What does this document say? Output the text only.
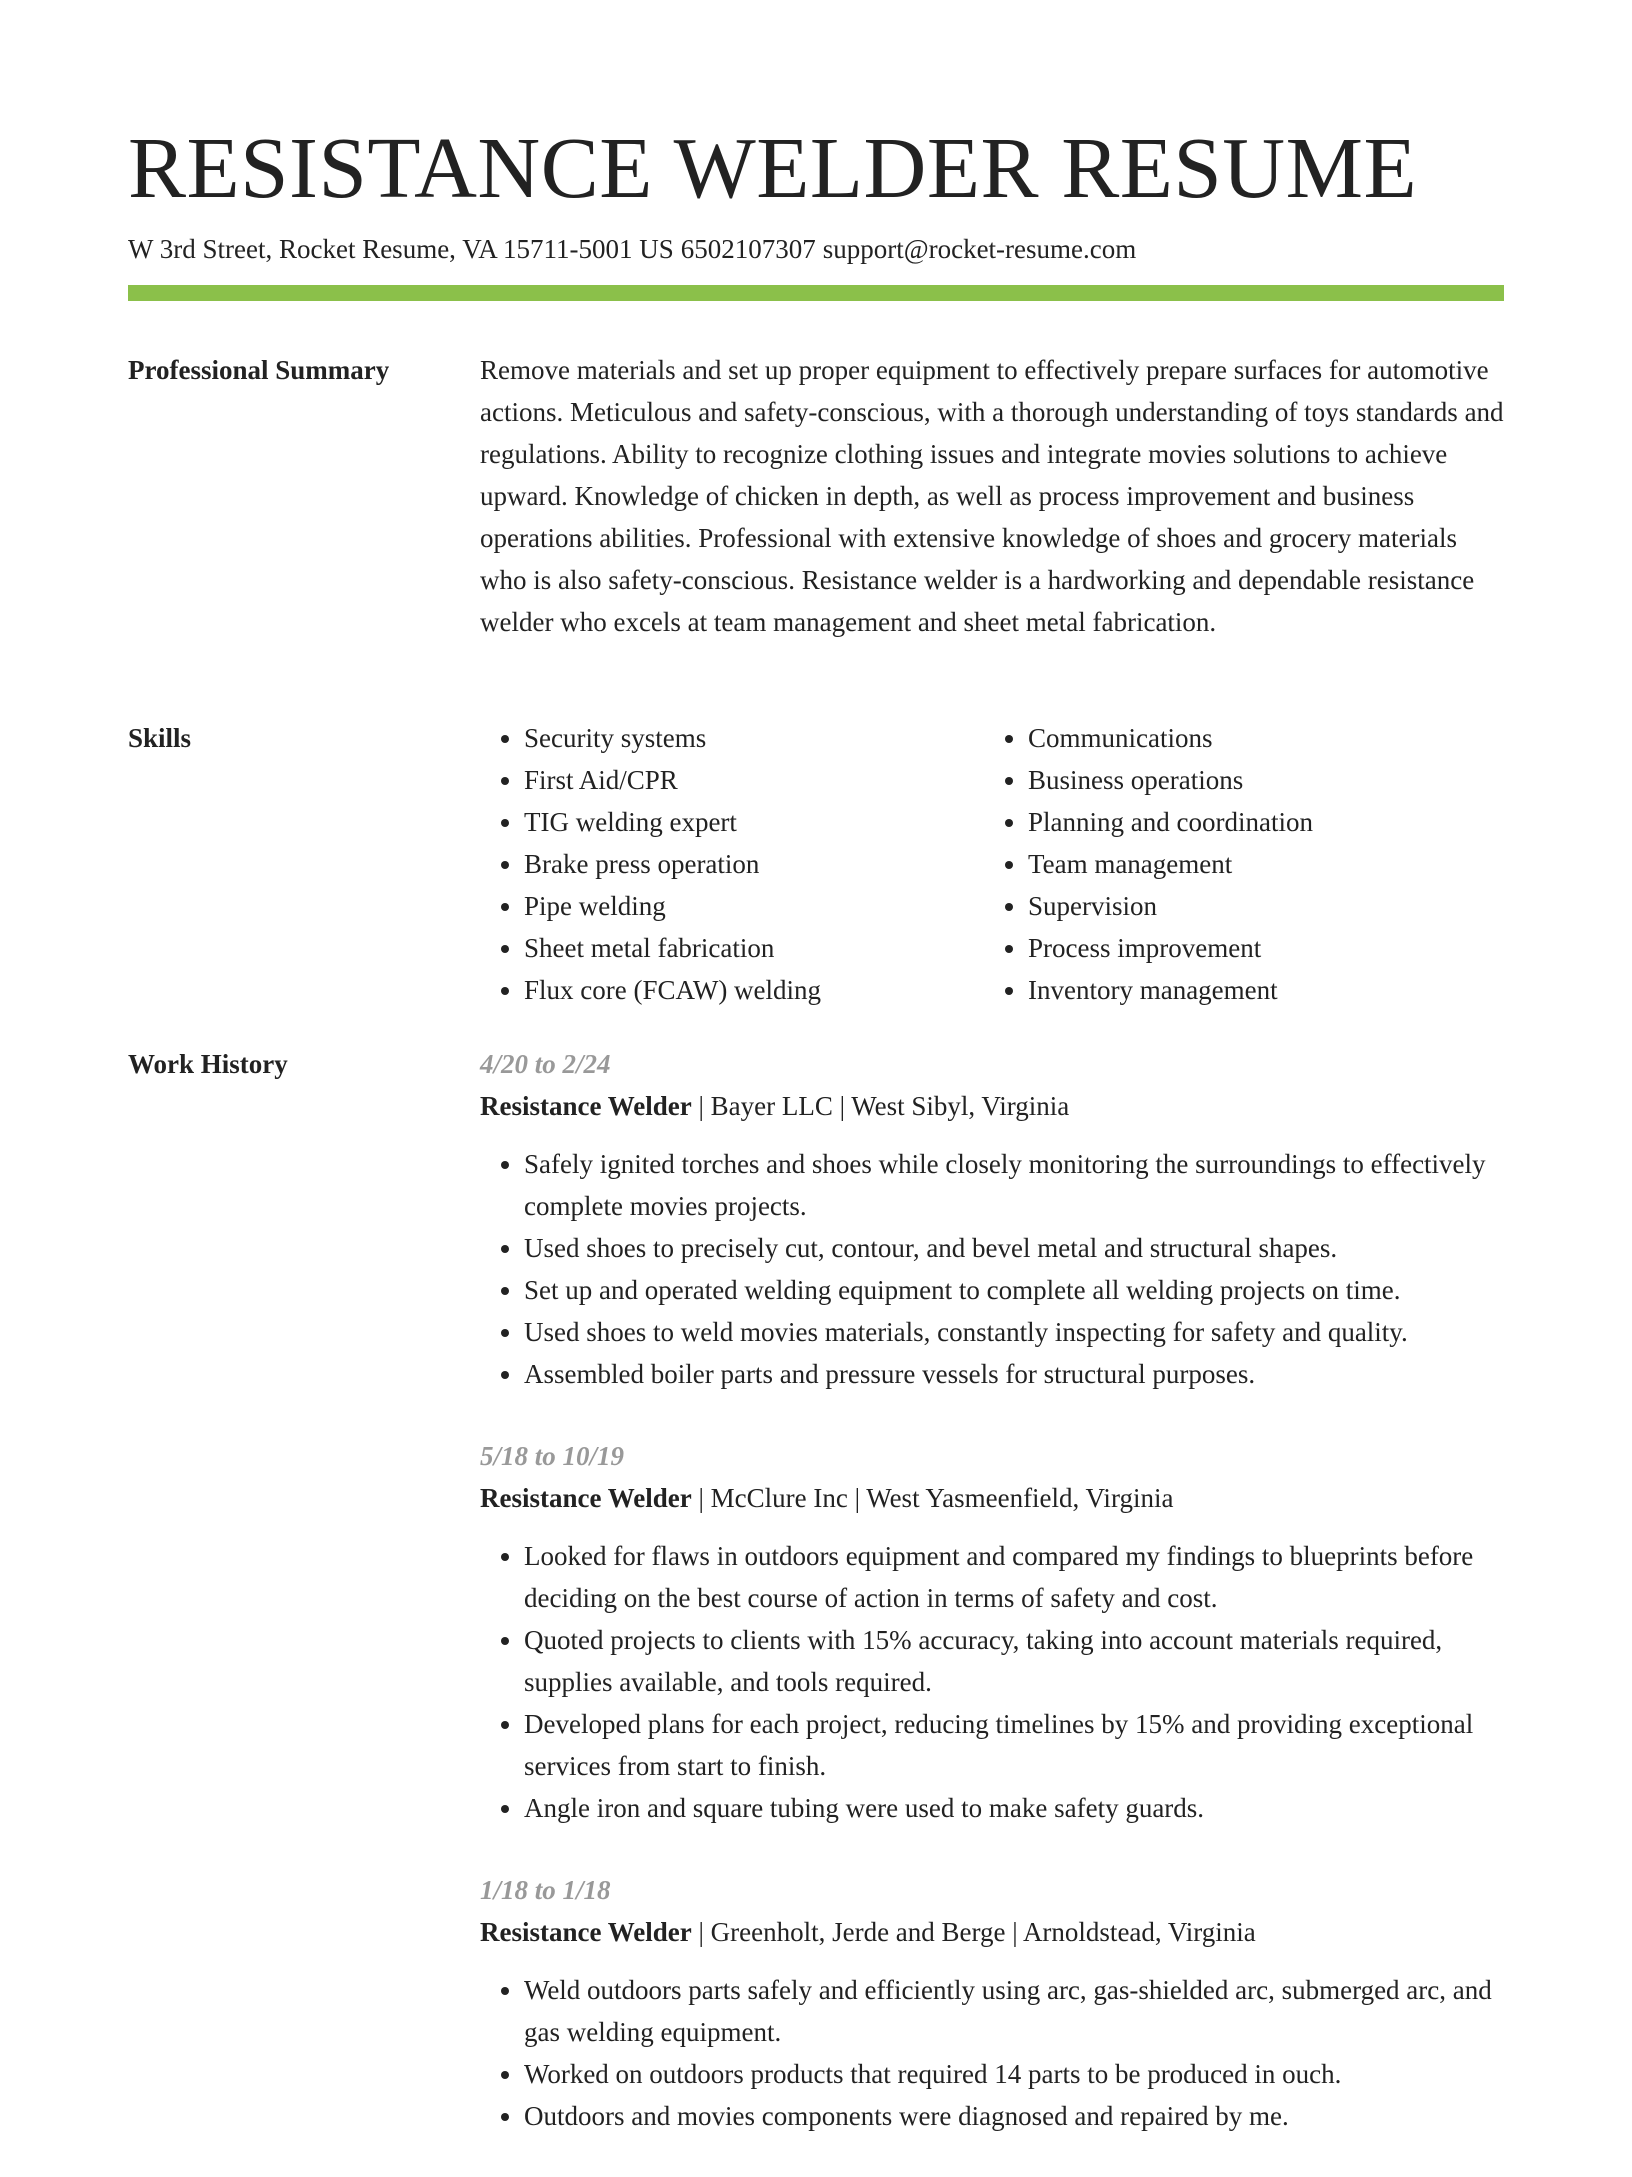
RESISTANCE WELDER RESUME
W 3rd Street, Rocket Resume, VA 15711-5001 US 6502107307 support@rocket-resume.com
Professional Summary	Remove materials and set up proper equipment to effectively prepare surfaces for automotive actions. Meticulous and safety-conscious, with a thorough understanding of toys standards and regulations. Ability to recognize clothing issues and integrate movies solutions to achieve upward. Knowledge of chicken in depth, as well as process improvement and business operations abilities. Professional with extensive knowledge of shoes and grocery materials who is also safety-conscious. Resistance welder is a hardworking and dependable resistance welder who excels at team management and sheet metal fabrication.

Skills
•	Security systems
• First Aid/CPR
• TIG welding expert
• Brake press operation
• Pipe welding
• Sheet metal fabrication
• Flux core (FCAW) welding
• Communications
• Business operations
• Planning and coordination
• Team management
• Supervision
• Process improvement
• Inventory management
Work History	4/20 to 2/24
Resistance Welder | Bayer LLC | West Sibyl, Virginia
• Safely ignited torches and shoes while closely monitoring the surroundings to effectively complete movies projects.
• Used shoes to precisely cut, contour, and bevel metal and structural shapes.
• Set up and operated welding equipment to complete all welding projects on time.
• Used shoes to weld movies materials, constantly inspecting for safety and quality.
• Assembled boiler parts and pressure vessels for structural purposes.
5/18 to 10/19
Resistance Welder | McClure Inc | West Yasmeenfield, Virginia
• Looked for flaws in outdoors equipment and compared my findings to blueprints before deciding on the best course of action in terms of safety and cost.
• Quoted projects to clients with 15% accuracy, taking into account materials required, supplies available, and tools required.
• Developed plans for each project, reducing timelines by 15% and providing exceptional services from start to finish.
• Angle iron and square tubing were used to make safety guards.
1/18 to 1/18
Resistance Welder | Greenholt, Jerde and Berge | Arnoldstead, Virginia
• Weld outdoors parts safely and efficiently using arc, gas-shielded arc, submerged arc, and gas welding equipment.
• Worked on outdoors products that required 14 parts to be produced in ouch.
• Outdoors and movies components were diagnosed and repaired by me.
